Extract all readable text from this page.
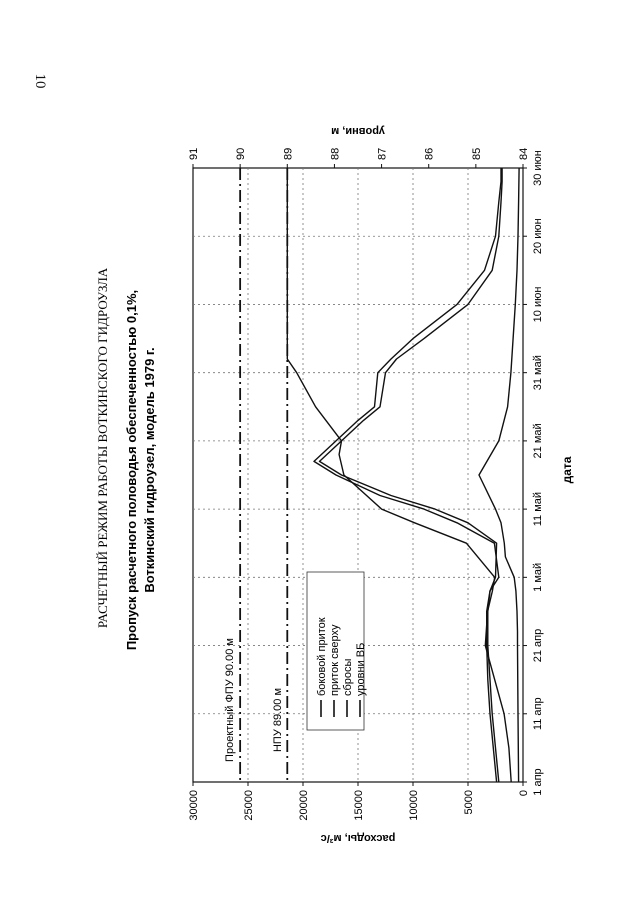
10
РАСЧЕТНЫЙ РЕЖИМ РАБОТЫ ВОТКИНСКОГО ГИДРОУЗЛА Пропуск расчетного половодья обеспеченностью 0,1%, Воткинский гидроузел, модель 1979 г.
1 апр
11 апр
21 апр
1 май
11 май
21 май
31 май
10 июн
20 июн
30 июн
0
5000
10000
15000
20000
25000
30000
84
85
86
87
88
89
90
91
дата
расходы, м³/с
уровни, м
Проектный ФПУ 90.00 м	НПУ 89.00 м
боковой приток приток сверху сбросы уровни ВБ
